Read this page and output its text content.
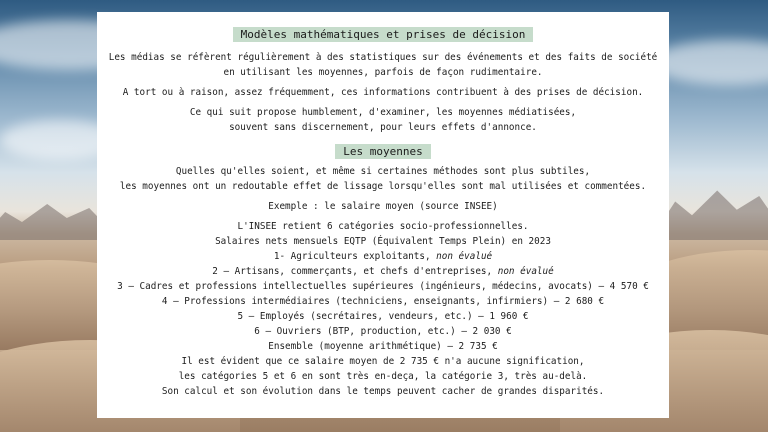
Modèles mathématiques et prises de décision

Les médias se réfèrent régulièrement à des statistiques sur des événements et des faits de société

en utilisant les moyennes, parfois de façon rudimentaire.

A tort ou à raison, assez fréquemment, ces informations contribuent à des prises de décision.

Ce qui suit propose humblement, d'examiner, les moyennes médiatisées,

souvent sans discernement, pour leurs effets d'annonce.

Les moyennes

Quelles qu'elles soient, et même si certaines méthodes sont plus subtiles,

les moyennes ont un redoutable effet de lissage lorsqu'elles sont mal utilisées et commentées.

Exemple : le salaire moyen (source INSEE)

L'INSEE retient 6 catégories socio-professionnelles.

Salaires nets mensuels EQTP (Équivalent Temps Plein) en 2023

1- Agriculteurs exploitants, non évalué

2 – Artisans, commerçants, et chefs d'entreprises, non évalué

3 – Cadres et professions intellectuelles supérieures (ingénieurs, médecins, avocats) – 4 570 €

4 – Professions intermédiaires (techniciens, enseignants, infirmiers) – 2 680 €

5 – Employés (secrétaires, vendeurs, etc.) – 1 960 €

6 – Ouvriers (BTP, production, etc.) – 2 030 €

Ensemble (moyenne arithmétique) – 2 735 €

Il est évident que ce salaire moyen de 2 735 € n'a aucune signification,

les catégories 5 et 6 en sont très en-deça, la catégorie 3, très au-delà.

Son calcul et son évolution dans le temps peuvent cacher de grandes disparités.
